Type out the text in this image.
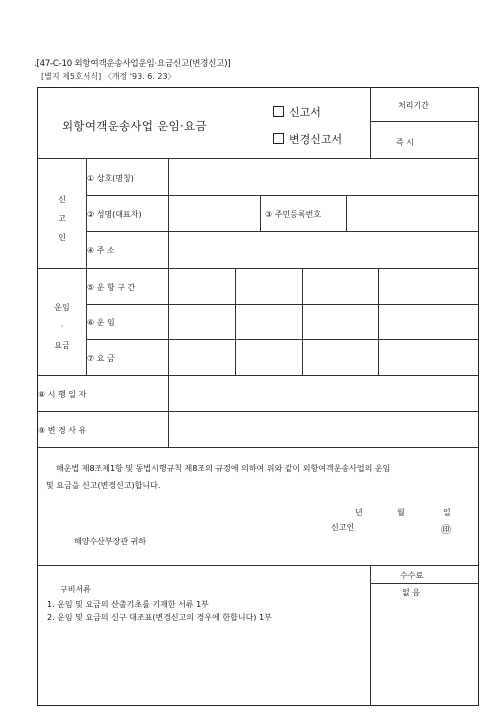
.[47-C-10 외항여객운송사업운임·요금신고(변경신고)]
[별지 제5호서식] 〈개정 '93. 6. 23〉
외항여객운송사업 운임·요금
신고서
변경신고서
처리기간
즉 시
신
고
인
① 상호(명칭)
② 성명(대표자)	③ 주민등록번호
④ 주 소
운임
·
요금
⑤ 운 항 구 간
⑥ 운 임
⑦ 요 금
⑧ 시 행 일 자
⑨ 변 경 사 유
해운법 제8조제1항 및 동법시행규칙 제8조의 규정에 의하여 위와 같이 외항여객운송사업의 운임
및 요금을 신고(변경신고)합니다.
년	월	일
신고인	㊞
해양수산부장관 귀하
구비서류
1. 운임 및 요금의 산출기초를 기재한 서류 1부
2. 운임 및 요금의 신구 대조표(변경신고의 경우에 한합니다) 1부
수수료
없 음
